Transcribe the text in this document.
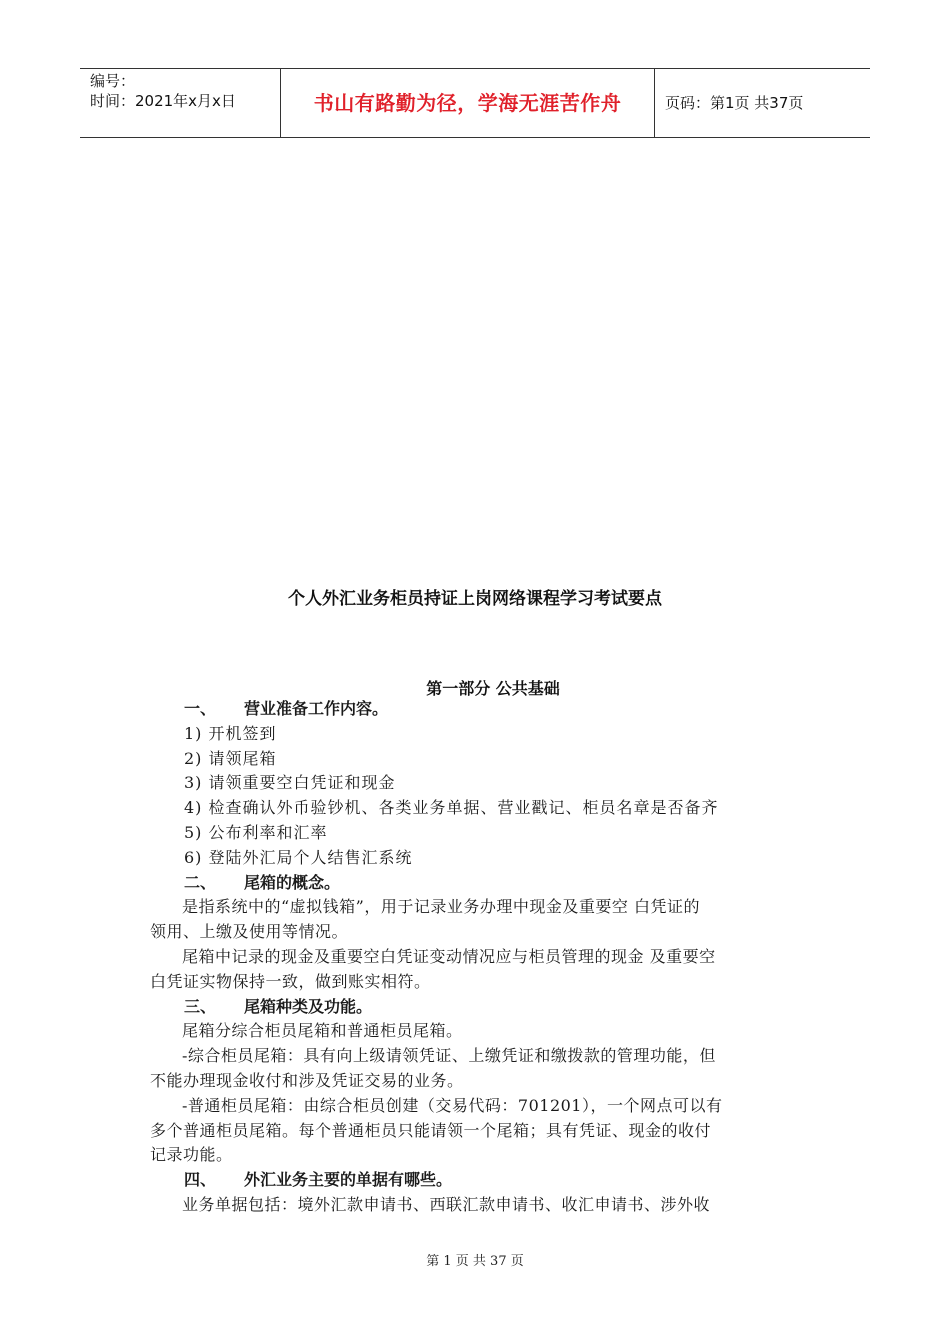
编号：
时间：2021年x月x日	书山有路勤为径，学海无涯苦作舟	页码：第1页 共37页
个人外汇业务柜员持证上岗网络课程学习考试要点
第一部分 公共基础
一、 营业准备工作内容。
1) 开机签到
2) 请领尾箱
3) 请领重要空白凭证和现金
4) 检查确认外币验钞机、各类业务单据、营业戳记、柜员名章是否备齐
5) 公布利率和汇率
6) 登陆外汇局个人结售汇系统
二、 尾箱的概念。
是指系统中的“虚拟钱箱”，用于记录业务办理中现金及重要空 白凭证的
领用、上缴及使用等情况。
尾箱中记录的现金及重要空白凭证变动情况应与柜员管理的现金 及重要空
白凭证实物保持一致，做到账实相符。
三、 尾箱种类及功能。
尾箱分综合柜员尾箱和普通柜员尾箱。
-综合柜员尾箱：具有向上级请领凭证、上缴凭证和缴拨款的管理功能，但
不能办理现金收付和涉及凭证交易的业务。
-普通柜员尾箱：由综合柜员创建（交易代码：701201），一个网点可以有
多个普通柜员尾箱。每个普通柜员只能请领一个尾箱；具有凭证、现金的收付
记录功能。
四、 外汇业务主要的单据有哪些。
业务单据包括：境外汇款申请书、西联汇款申请书、收汇申请书、涉外收
第 1 页 共 37 页
